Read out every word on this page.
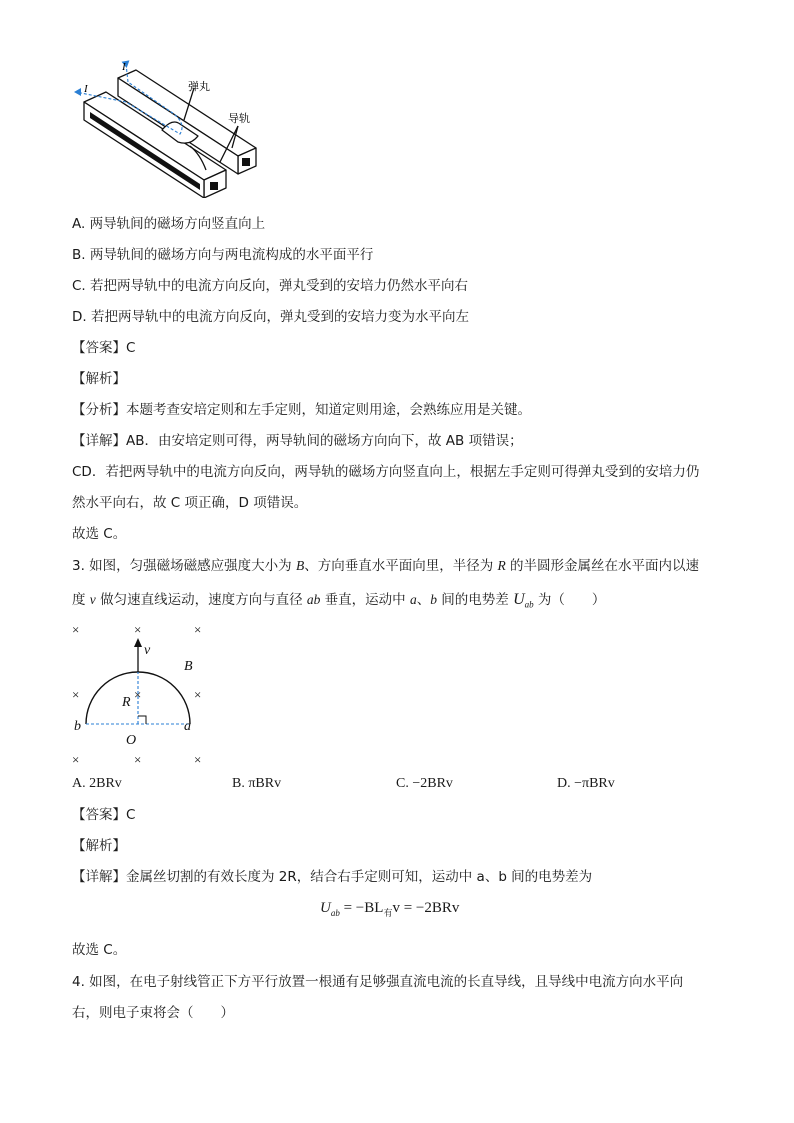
I
I	弹丸
导轨
A. 两导轨间的磁场方向竖直向上
B. 两导轨间的磁场方向与两电流构成的水平面平行
C. 若把两导轨中的电流方向反向，弹丸受到的安培力仍然水平向右
D. 若把两导轨中的电流方向反向，弹丸受到的安培力变为水平向左
【答案】C
【解析】
【分析】本题考查安培定则和左手定则，知道定则用途，会熟练应用是关键。
【详解】AB．由安培定则可得，两导轨间的磁场方向向下，故 AB 项错误；
CD．若把两导轨中的电流方向反向，两导轨的磁场方向竖直向上，根据左手定则可得弹丸受到的安培力仍
然水平向右，故 C 项正确，D 项错误。
故选 C。
3. 如图，匀强磁场磁感应强度大小为 B、方向垂直水平面向里，半径为 R 的半圆形金属丝在水平面内以速
度 v 做匀速直线运动，速度方向与直径 ab 垂直，运动中 a、b 间的电势差 $U_{ab}$ 为（　　）
×	×	×
×	×	×
×	×	×
v
B
R
b
O
a
A. 2BRv	B. πBRv	C. −2BRv	D. −πBRv
【答案】C
【解析】
【详解】金属丝切割的有效长度为 2R，结合右手定则可知，运动中 a、b 间的电势差为
$U_{ab} = -BL_有v = -2BRv$
故选 C。
4. 如图，在电子射线管正下方平行放置一根通有足够强直流电流的长直导线，且导线中电流方向水平向
右，则电子束将会（　　）
